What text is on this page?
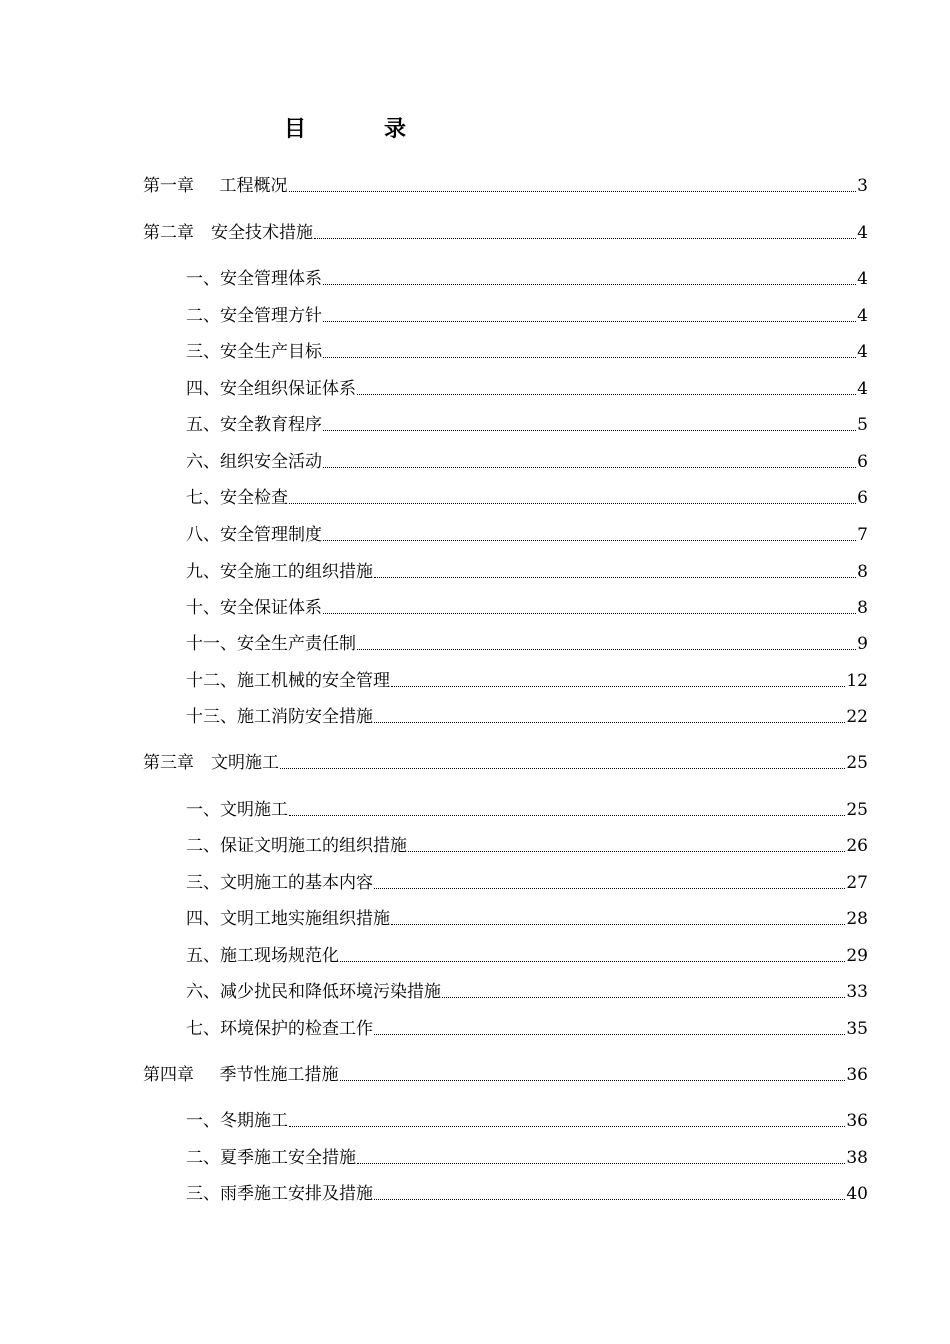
目	录
第一章　 工程概况	3
第二章　安全技术措施	4
一、安全管理体系	4
二、安全管理方针	4
三、安全生产目标	4
四、安全组织保证体系	4
五、安全教育程序	5
六、组织安全活动	6
七、安全检查	6
八、安全管理制度	7
九、安全施工的组织措施	8
十、安全保证体系	8
十一、安全生产责任制	9
十二、施工机械的安全管理	12
十三、施工消防安全措施	22
第三章　文明施工	25
一、文明施工	25
二、保证文明施工的组织措施	26
三、文明施工的基本内容	27
四、文明工地实施组织措施	28
五、施工现场规范化	29
六、减少扰民和降低环境污染措施	33
七、环境保护的检查工作	35
第四章　 季节性施工措施	36
一、冬期施工	36
二、夏季施工安全措施	38
三、雨季施工安排及措施	40
